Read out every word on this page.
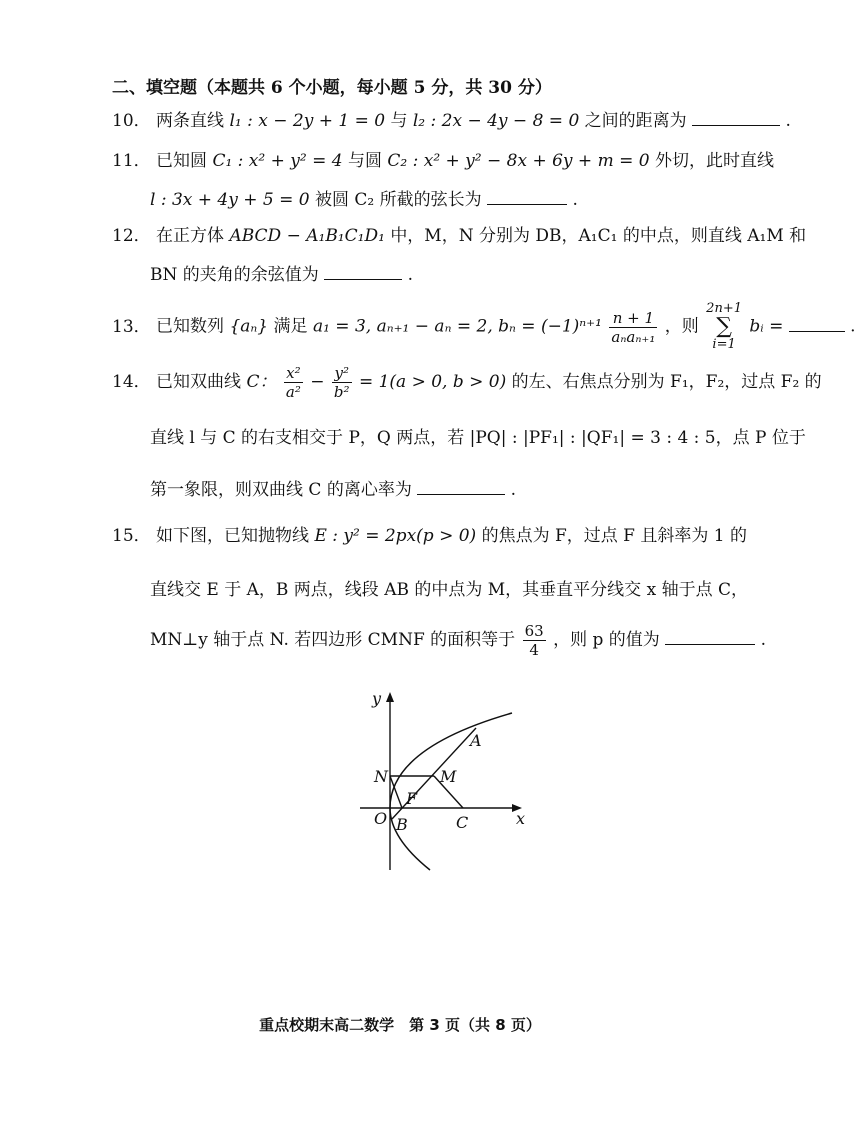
二、填空题（本题共 6 个小题，每小题 5 分，共 30 分）
10． 两条直线 l₁ : x − 2y + 1 = 0 与 l₂ : 2x − 4y − 8 = 0 之间的距离为	.
11． 已知圆 C₁ : x² + y² = 4 与圆 C₂ : x² + y² − 8x + 6y + m = 0 外切，此时直线
l : 3x + 4y + 5 = 0 被圆 C₂ 所截的弦长为	.
12． 在正方体 ABCD − A₁B₁C₁D₁ 中，M，N 分别为 DB，A₁C₁ 的中点，则直线 A₁M 和
BN 的夹角的余弦值为	.
13． 已知数列 {aₙ} 满足 a₁ = 3, aₙ₊₁ − aₙ = 2, $b_n = (-1)^{n+1} \frac{n + 1}{\text{aₙaₙ₊₁}}$ ，则 2n+1
∑
i=1 bᵢ =	.
14． 已知双曲线 C： $\frac{\text{x²}}{\text{a²}} - \frac{\text{y²}}{\text{b²}} = 1(a > 0$, b > 0) 的左、右焦点分别为 F₁，F₂，过点 F₂ 的
直线 l 与 C 的右支相交于 P，Q 两点，若 |PQ| : |PF₁| : |QF₁| = 3 : 4 : 5，点 P 位于
第一象限，则双曲线 C 的离心率为	.
15． 如下图，已知抛物线 E : y² = 2px(p > 0) 的焦点为 F，过点 F 且斜率为 1 的
直线交 E 于 A，B 两点，线段 AB 的中点为 M，其垂直平分线交 x 轴于点 C，
MN⊥y 轴于点 N. 若四边形 CMNF 的面积等于 $\frac{63}{4}$ ，则 p 的值为	.
y
x
O
N	M
A
F
B	C
重点校期末高二数学　第 3 页（共 8 页）
